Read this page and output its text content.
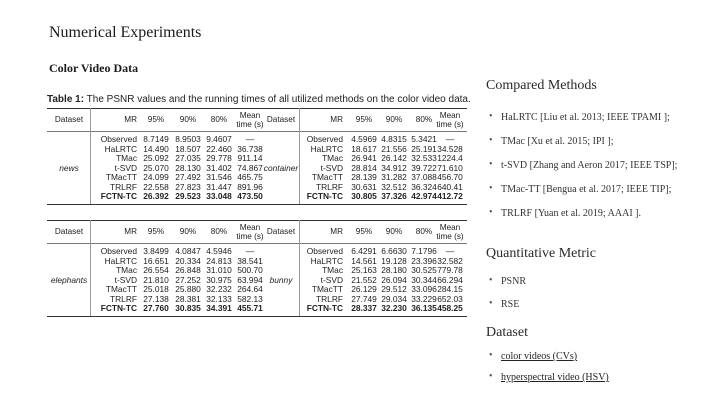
Numerical Experiments
Color Video Data
Table 1: The PSNR values and the running times of all utilized methods on the color video data.
Dataset	MR	95%	90%	80%	Mean
time (s)
Dataset	MR	95%	90%	80% Mean
time (s)
Observed 8.7149 8.9503 9.4607	—
HaLRTC 14.490 18.507 22.460 36.738
TMac 25.092 27.035 29.778 911.14
t-SVD 25.070 28.130 31.402 74.867
TMacTT 24.099 27.492 31.546 465.75
TRLRF 22.558 27.823 31.447 891.96
FCTN-TC 26.392 29.523 33.048 473.50
news
Observed 4.5969 4.8315 5.3421	—
HaLRTC 18.617 21.556 25.191 34.528
TMac 26.941 26.142 32.533 1224.4
t-SVD 28.814 34.912 39.722 71.610
TMacTT 28.139 31.282 37.088 456.70
TRLRF 30.631 32.512 36.324 640.41
FCTN-TC 30.805 37.326 42.974 412.72
container
Dataset	MR	95%	90%	80%	Mean
time (s)
Dataset	MR	95%	90%	80% Mean
time (s)
Observed 3.8499 4.0847 4.5946	—
HaLRTC 16.651 20.334 24.813 38.541
TMac 26.554 26.848 31.010 500.70
t-SVD 21.810 27.252 30.975 63.994
TMacTT 25.018 25.880 32.232 264.64
TRLRF 27.138 28.381 32.133 582.13
FCTN-TC 27.760 30.835 34.391 455.71
elephants
Observed 6.4291 6.6630 7.1796	—
HaLRTC 14.561 19.128 23.396 32.582
TMac 25.163 28.180 30.525 779.78
t-SVD 21.552 26.094 30.344 66.294
TMacTT 26.129 29.512 33.096 284.15
TRLRF 27.749 29.034 33.229 652.03
FCTN-TC 28.337 32.230 36.135 458.25
bunny
Compared Methods
• HaLRTC [Liu et al. 2013; IEEE TPAMI ];
• TMac [Xu et al. 2015; IPI ];
• t-SVD [Zhang and Aeron 2017; IEEE TSP];
• TMac-TT [Bengua et al. 2017; IEEE TIP];
• TRLRF [Yuan et al. 2019; AAAI ].
Quantitative Metric
• PSNR
• RSE
Dataset
• color videos (CVs)
• hyperspectral video (HSV)
